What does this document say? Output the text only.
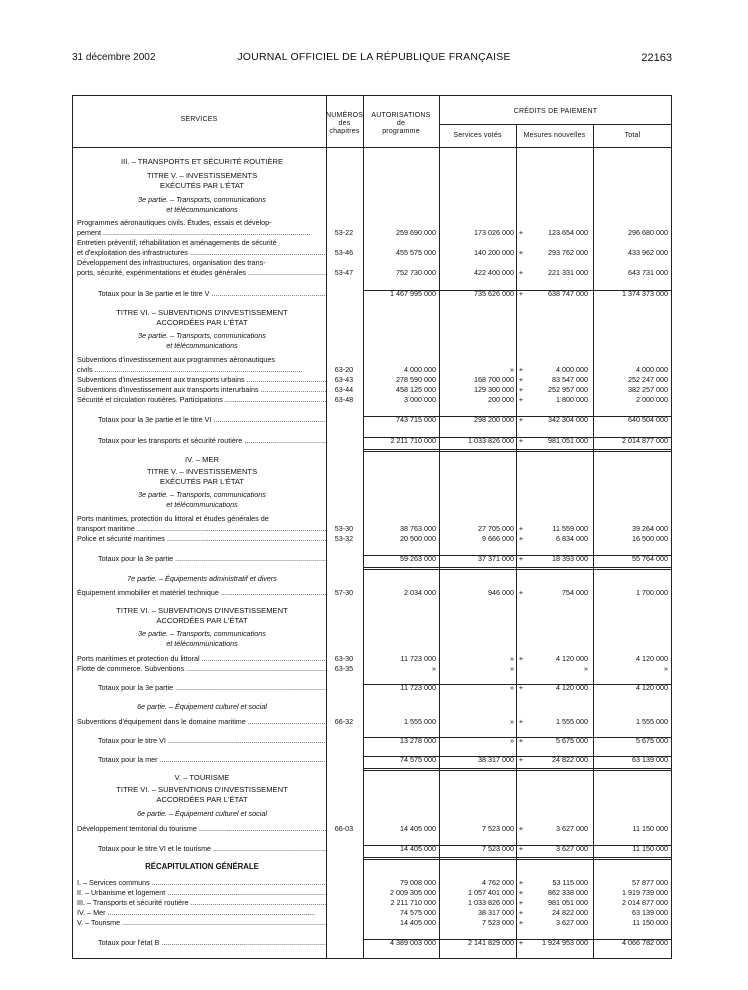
31 décembre 2002	JOURNAL OFFICIEL DE LA RÉPUBLIQUE FRANÇAISE	22163
SERVICES
NUMÉROS
des
chapitres
AUTORISATIONS
de
programme
CRÉDITS DE PAIEMENT
Services votés	Mesures nouvelles	Total
III. – TRANSPORTS ET SÉCURITÉ ROUTIÈRE
TITRE V. – INVESTISSEMENTS
EXÉCUTÉS PAR L'ÉTAT
3e partie. – Transports, communications
et télécommunications
Programmes aéronautiques civils. Études, essais et dévelop-
pement .....	53-22	259 690 000	173 026 000 +	123 654 000	296 680 000
Entretien préventif, réhabilitation et aménagements de sécurité
et d'exploitation des infrastructures .....	53-46	455 575 000	140 200 000 +	293 762 000	433 962 000
Développement des infrastructures, organisation des trans-
ports, sécurité, expérimentations et études générales .....	53-47	752 730 000	422 400 000 +	221 331 000	643 731 000
Totaux pour la 3e partie et le titre V .....	1 467 995 000	735 626 000 +	638 747 000	1 374 373 000
TITRE VI. – SUBVENTIONS D'INVESTISSEMENT
ACCORDÉES PAR L'ÉTAT
3e partie. – Transports, communications
et télécommunications
Subventions d'investissement aux programmes aéronautiques
civils .....	63-20	4 000 000	» +	4 000 000	4 000 000
Subventions d'investissement aux transports urbains .....	63-43	278 590 000	168 700 000 +	83 547 000	252 247 000
Subventions d'investissement aux transports interurbains .....	63-44	458 125 000	129 300 000 +	252 957 000	382 257 000
Sécurité et circulation routières. Participations .....	63-48	3 000 000	200 000 +	1 800 000	2 000 000
Totaux pour la 3e partie et le titre VI .....	743 715 000	298 200 000 +	342 304 000	640 504 000
Totaux pour les transports et sécurité routière .....	2 211 710 000	1 033 826 000 +	981 051 000	2 014 877 000
IV. – MER
TITRE V. – INVESTISSEMENTS
EXÉCUTÉS PAR L'ÉTAT
3e partie. – Transports, communications
et télécommunications
Ports maritimes, protection du littoral et études générales de
transport maritime .....	53-30	38 763 000	27 705 000 +	11 559 000	39 264 000
Police et sécurité maritimes .....	53-32	20 500 000	9 666 000 +	6 834 000	16 500 000
Totaux pour la 3e partie .....	59 263 000	37 371 000 +	18 393 000	55 764 000
7e partie. – Équipements administratif et divers
Équipement immobilier et matériel technique .....	57-30	2 034 000	946 000 +	754 000	1 700 000
TITRE VI. – SUBVENTIONS D'INVESTISSEMENT
ACCORDÉES PAR L'ÉTAT
3e partie. – Transports, communications
et télécommunications
Ports maritimes et protection du littoral .....	63-30	11 723 000	» +	4 120 000	4 120 000
Flotte de commerce. Subventions .....	63-35	»	»	»	»
Totaux pour la 3e partie .....	11 723 000	» +	4 120 000	4 120 000
6e partie. – Équipement culturel et social
Subventions d'équipement dans le domaine maritime .....	66-32	1 555 000	» +	1 555 000	1 555 000
Totaux pour le titre VI .....	13 278 000	» +	5 675 000	5 675 000
Totaux pour la mer .....	74 575 000	38 317 000 +	24 822 000	63 139 000
V. – TOURISME
TITRE VI. – SUBVENTIONS D'INVESTISSEMENT
ACCORDÉES PAR L'ÉTAT
6e partie. – Équipement culturel et social
Développement territorial du tourisme .....	66-03	14 405 000	7 523 000 +	3 627 000	11 150 000
Totaux pour le titre VI et le tourisme .....	14 405 000	7 523 000 +	3 627 000	11 150 000
RÉCAPITULATION GÉNÉRALE
I. – Services communs .....	79 008 000	4 762 000 +	53 115 000	57 877 000
II. – Urbanisme et logement .....	2 009 305 000	1 057 401 000 +	862 338 000	1 919 739 000
III. – Transports et sécurité routière .....	2 211 710 000	1 033 826 000 +	981 051 000	2 014 877 000
IV. – Mer .....	74 575 000	38 317 000 +	24 822 000	63 139 000
V. – Tourisme .....	14 405 000	7 523 000 +	3 627 000	11 150 000
Totaux pour l'état B .....	4 389 003 000	2 141 829 000 +	1 924 953 000	4 066 782 000
